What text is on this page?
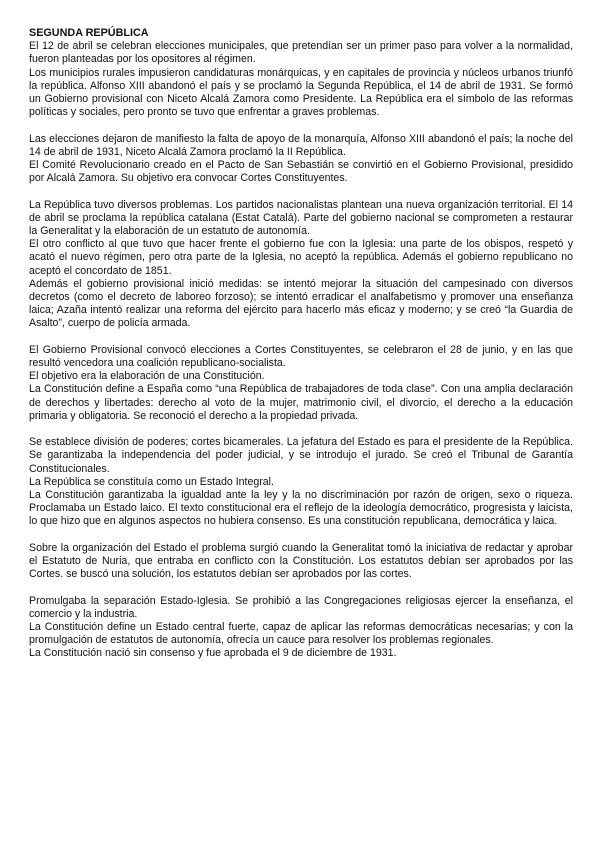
SEGUNDA REPÚBLICA

El 12 de abril se celebran elecciones municipales, que pretendían ser un primer paso para volver a la normalidad, fueron planteadas por los opositores al régimen.

Los municipios rurales impusieron candidaturas monárquicas, y en capitales de provincia y núcleos urbanos triunfó la república. Alfonso XIII abandonó el país y se proclamó la Segunda República, el 14 de abril de 1931. Se formó un Gobierno provisional con Niceto Alcalá Zamora como Presidente. La República era el símbolo de las reformas políticas y sociales, pero pronto se tuvo que enfrentar a graves problemas.

Las elecciones dejaron de manifiesto la falta de apoyo de la monarquía, Alfonso XIII abandonó el país; la noche del 14 de abril de 1931, Niceto Alcalá Zamora proclamó la II República.

El Comité Revolucionario creado en el Pacto de San Sebastián se convirtió en el Gobierno Provisional, presidido por Alcalá Zamora. Su objetivo era convocar Cortes Constituyentes.

La República tuvo diversos problemas. Los partidos nacionalistas plantean una nueva organización territorial. El 14 de abril se proclama la república catalana (Estat Catalá). Parte del gobierno nacional se comprometen a restaurar la Generalitat y la elaboración de un estatuto de autonomía.

El otro conflicto al que tuvo que hacer frente el gobierno fue con la Iglesia: una parte de los obispos, respetó y acató el nuevo régimen, pero otra parte de la Iglesia, no aceptó la república. Además el gobierno republicano no aceptó el concordato de 1851.

Además el gobierno provisional inició medidas: se intentó mejorar la situación del campesinado con diversos decretos (como el decreto de laboreo forzoso); se intentó erradicar el analfabetismo y promover una enseñanza laica; Azaña intentó realizar una reforma del ejército para hacerlo más eficaz y moderno; y se creó “la Guardia de Asalto”, cuerpo de policía armada.

El Gobierno Provisional convocó elecciones a Cortes Constituyentes, se celebraron el 28 de junio, y en las que resultó vencedora una coalición republicano-socialista.

El objetivo era la elaboración de una Constitución.

La Constitución define a España como “una República de trabajadores de toda clase”. Con una amplia declaración de derechos y libertades: derecho al voto de la mujer, matrimonio civil, el divorcio, el derecho a la educación primaria y obligatoria. Se reconoció el derecho a la propiedad privada.

Se establece división de poderes; cortes bicamerales. La jefatura del Estado es para el presidente de la República. Se garantizaba la independencia del poder judicial, y se introdujo el jurado. Se creó el Tribunal de Garantía Constitucionales.

La República se constituía como un Estado Integral.

La Constitución garantizaba la igualdad ante la ley y la no discriminación por razón de origen, sexo o riqueza. Proclamaba un Estado laico. El texto constitucional era el reflejo de la ideología democrático, progresista y laicista, lo que hizo que en algunos aspectos no hubiera consenso. Es una constitución republicana, democrática y laica.

Sobre la organización del Estado el problema surgió cuando la Generalitat tomó la iniciativa de redactar y aprobar el Estatuto de Nuria, que entraba en conflicto con la Constitución. Los estatutos debían ser aprobados por las Cortes. se buscó una solución, los estatutos debían ser aprobados por las cortes.

Promulgaba la separación Estado-Iglesia. Se prohibió a las Congregaciones religiosas ejercer la enseñanza, el comercio y la industria.

La Constitución define un Estado central fuerte, capaz de aplicar las reformas democráticas necesarias; y con la promulgación de estatutos de autonomía, ofrecía un cauce para resolver los problemas regionales.

La Constitución nació sin consenso y fue aprobada el 9 de diciembre de 1931.
